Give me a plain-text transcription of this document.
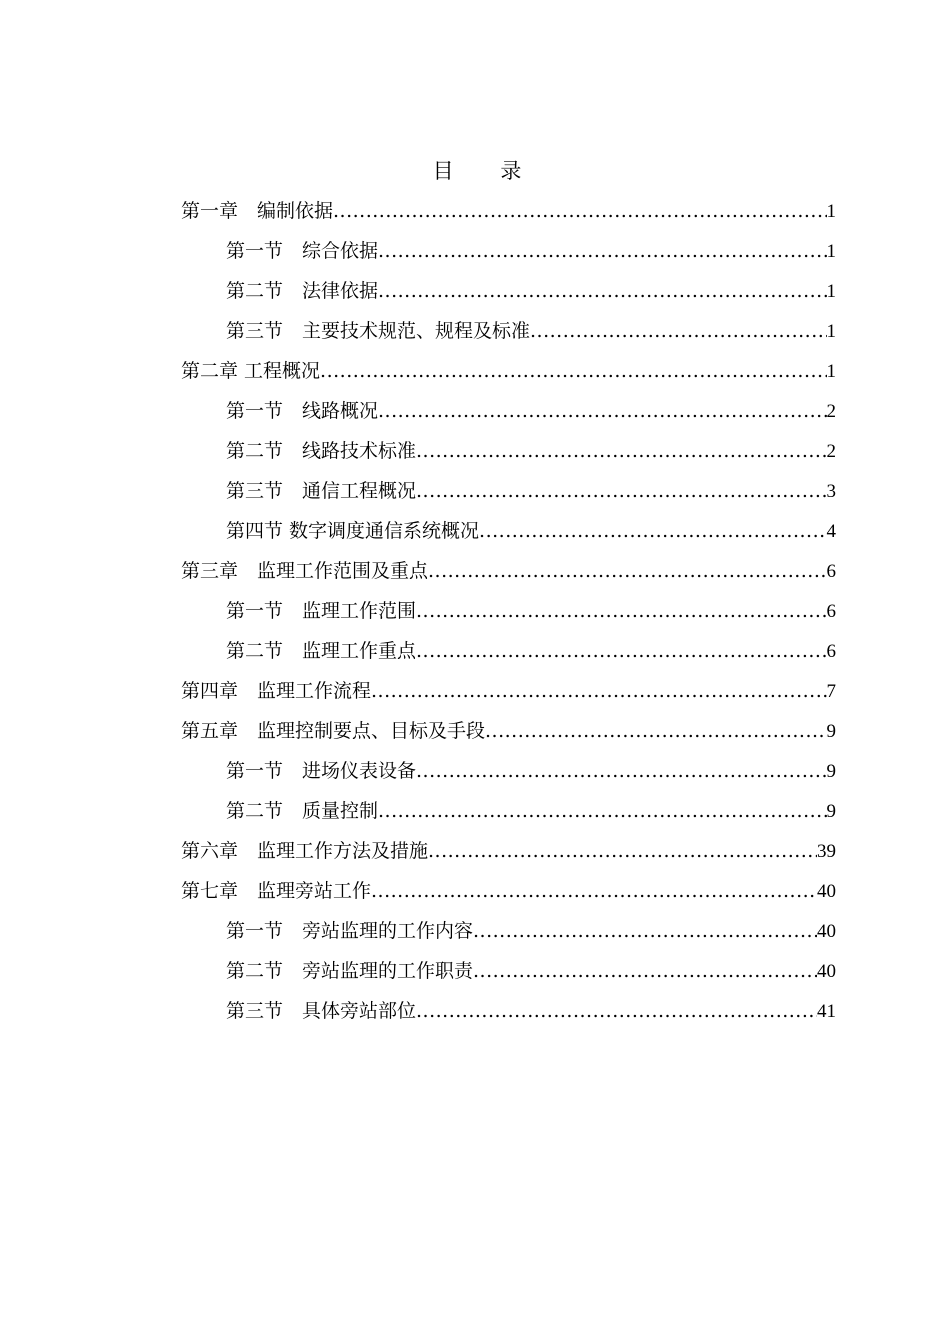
目 录
第一章　编制依据 .....	1
第一节　综合依据 .....	1
第二节　法律依据 .....	1
第三节　主要技术规范、规程及标准 .....	1
第二章 工程概况 .....	1
第一节　线路概况 .....	2
第二节　线路技术标准 .....	2
第三节　通信工程概况 .....	3
第四节 数字调度通信系统概况 .....	4
第三章　监理工作范围及重点 .....	6
第一节　监理工作范围 .....	6
第二节　监理工作重点 .....	6
第四章　监理工作流程 .....	7
第五章　监理控制要点、目标及手段 .....	9
第一节　进场仪表设备 .....	9
第二节　质量控制 .....	9
第六章　监理工作方法及措施 .....	39
第七章　监理旁站工作 .....	40
第一节　旁站监理的工作内容 .....	40
第二节　旁站监理的工作职责 .....	40
第三节　具体旁站部位 .....	41
